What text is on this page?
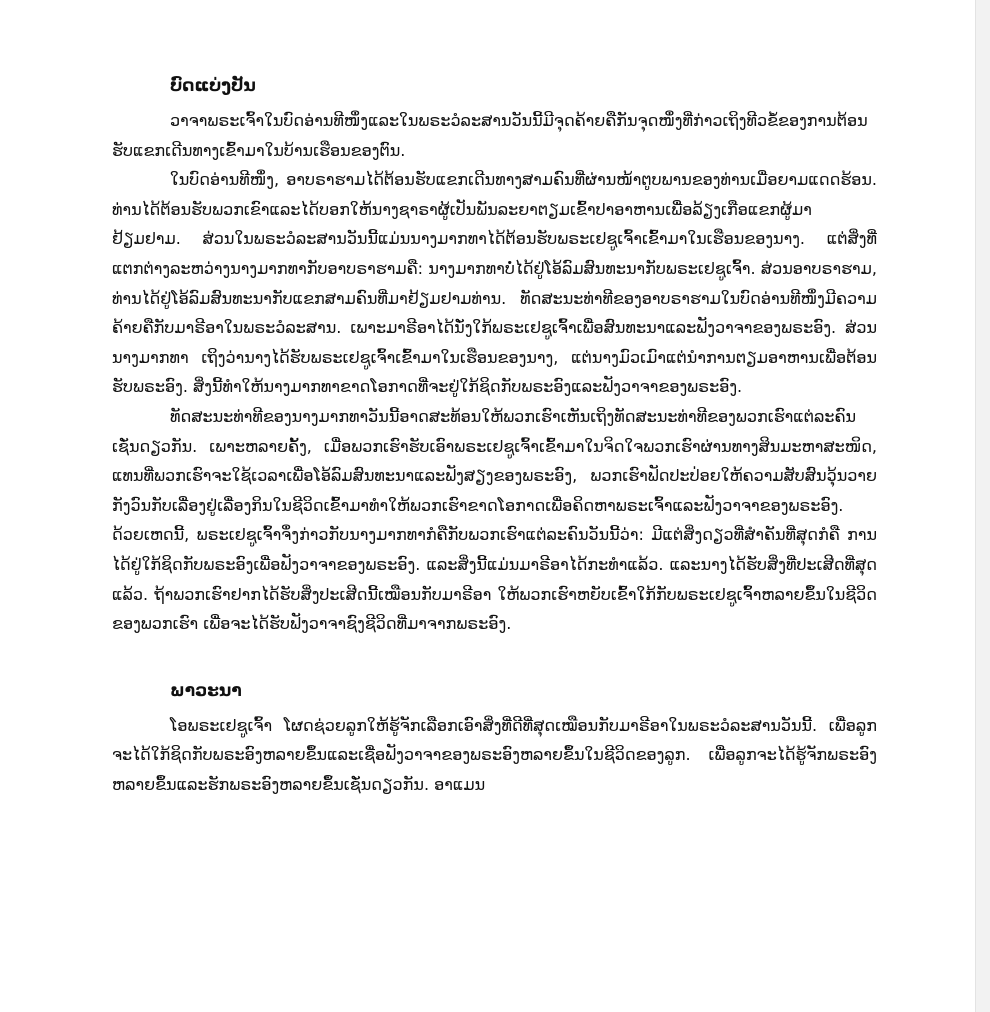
ບົດແບ່ງປັນ

ວາຈາພຣະເຈົ້າໃນບົດອ່ານທີໜຶ່ງແລະໃນພຣະວໍລະສານວັນນີ້ມີຈຸດຄ້າຍຄືກັນຈຸດໜຶ່ງທີ່ກ່າວເຖິງທີວຂໍ້ຂອງການຕ້ອນຮັບແຂກເດີນທາງເຂົ້າມາໃນບ້ານເຮືອນຂອງຕົນ.

ໃນບົດອ່ານທີໜຶ່ງ, ອາບຣາຮາມໄດ້ຕ້ອນຮັບແຂກເດີນທາງສາມຄົນທີ່ຜ່ານໜ້າຕູບພານຂອງທ່ານເມື່ອຍາມແດດຮ້ອນ. ທ່ານໄດ້ຕ້ອນຮັບພວກເຂົາແລະໄດ້ບອກໃຫ້ນາງຊາຣາຜູ້ເປັນພັນລະຍາຕຽມເຂົ້າປາອາຫານເພື່ອລ້ຽງເກືອແຂກຜູ້ມາຢ້ຽມຢາມ. ສ່ວນໃນພຣະວໍລະສານວັນນີ້ແມ່ນນາງມາກທາໄດ້ຕ້ອນຮັບພຣະເຢຊູເຈົ້າເຂົ້າມາໃນເຮືອນຂອງນາງ. ແຕ່ສິ່ງທີ່ແຕກຕ່າງລະຫວ່າງນາງມາກທາກັບອາບຣາຮາມຄື: ນາງມາກທາບໍ່ໄດ້ຢູ່ໂອ້ລົມສົນທະນາກັບພຣະເຢຊູເຈົ້າ. ສ່ວນອາບຣາຮາມ, ທ່ານໄດ້ຢູ່ໂອ້ລົມສົນທະນາກັບແຂກສາມຄົນທີ່ມາຢ້ຽມຢາມທ່ານ. ທັດສະນະທ່າທີຂອງອາບຣາຮາມໃນບົດອ່ານທີໜຶ່ງມີຄວາມຄ້າຍຄືກັບມາຣີອາໃນພຣະວໍລະສານ. ເພາະມາຣີອາໄດ້ນັ່ງໃກ້ພຣະເຢຊູເຈົ້າເພື່ອສົນທະນາແລະຟັງວາຈາຂອງພຣະອົງ. ສ່ວນນາງມາກທາ ເຖິງວ່ານາງໄດ້ຮັບພຣະເຢຊູເຈົ້າເຂົ້າມາໃນເຮືອນຂອງນາງ, ແຕ່ນາງມົວເມົາແຕ່ນຳການຕຽມອາຫານເພື່ອຕ້ອນຮັບພຣະອົງ. ສິ່ງນີ້ທຳໃຫ້ນາງມາກທາຂາດໂອກາດທີ່ຈະຢູ່ໃກ້ຊິດກັບພຣະອົງແລະຟັງວາຈາຂອງພຣະອົງ.

ທັດສະນະທ່າທີຂອງນາງມາກທາວັນນີ້ອາດສະທ້ອນໃຫ້ພວກເຮົາເຫັນເຖິງທັດສະນະທ່າທີຂອງພວກເຮົາແຕ່ລະຄົນເຊັ່ນດຽວກັນ. ເພາະຫລາຍຄັ້ງ, ເມື່ອພວກເຮົາຮັບເອົາພຣະເຢຊູເຈົ້າເຂົ້າມາໃນຈິດໃຈພວກເຮົາຜ່ານທາງສິນມະຫາສະໜິດ, ແທນທີ່ພວກເຮົາຈະໃຊ້ເວລາເພື່ອໂອ້ລົມສົນທະນາແລະຟັງສຽງຂອງພຣະອົງ, ພວກເຮົາຟັດປະປ່ອຍໃຫ້ຄວາມສັບສົນວຸ້ນວາຍກັງວົນກັບເລື່ອງຢູ່ເລື່ອງກິນໃນຊີວິດເຂົ້າມາທຳໃຫ້ພວກເຮົາຂາດໂອກາດເພື່ອຄິດຫາພຣະເຈົ້າແລະຟັງວາຈາຂອງພຣະອົງ. ດ້ວຍເຫດນີ້, ພຣະເຢຊູເຈົ້າຈຶ່ງກ່າວກັບນາງມາກທາກໍຄືກັບພວກເຮົາແຕ່ລະຄົນວັນນີ້ວ່າ: ມີແຕ່ສິ່ງດຽວທີ່ສຳຄັນທີ່ສຸດກໍຄື ການໄດ້ຢູ່ໃກ້ຊິດກັບພຣະອົງເພື່ອຟັງວາຈາຂອງພຣະອົງ. ແລະສິ່ງນີ້ແມ່ນມາຣີອາໄດ້ກະທຳແລ້ວ. ແລະນາງໄດ້ຮັບສິ່ງທີ່ປະເສີດທີ່ສຸດແລ້ວ. ຖ້າພວກເຮົາຢາກໄດ້ຮັບສິ່ງປະເສີດນີ້ເໝືອນກັບມາຣີອາ ໃຫ້ພວກເຮົາຫຍັບເຂົ້າໃກ້ກັບພຣະເຢຊູເຈົ້າຫລາຍຂຶ້ນໃນຊີວິດຂອງພວກເຮົາ ເພື່ອຈະໄດ້ຮັບຟັງວາຈາຊົງຊີວິດທີ່ມາຈາກພຣະອົງ.

ພາວະນາ

ໂອພຣະເຢຊູເຈົ້າ ໂຜດຊ່ວຍລູກໃຫ້ຮູ້ຈັກເລືອກເອົາສິ່ງທີ່ດີທີ່ສຸດເໝືອນກັບມາຣີອາໃນພຣະວໍລະສານວັນນີ້. ເພື່ອລູກຈະໄດ້ໃກ້ຊິດກັບພຣະອົງຫລາຍຂຶ້ນແລະເຊື່ອຟັງວາຈາຂອງພຣະອົງຫລາຍຂຶ້ນໃນຊີວິດຂອງລູກ. ເພື່ອລູກຈະໄດ້ຮູ້ຈັກພຣະອົງຫລາຍຂຶ້ນແລະຮັກພຣະອົງຫລາຍຂຶ້ນເຊັ່ນດຽວກັນ. ອາແມນ
